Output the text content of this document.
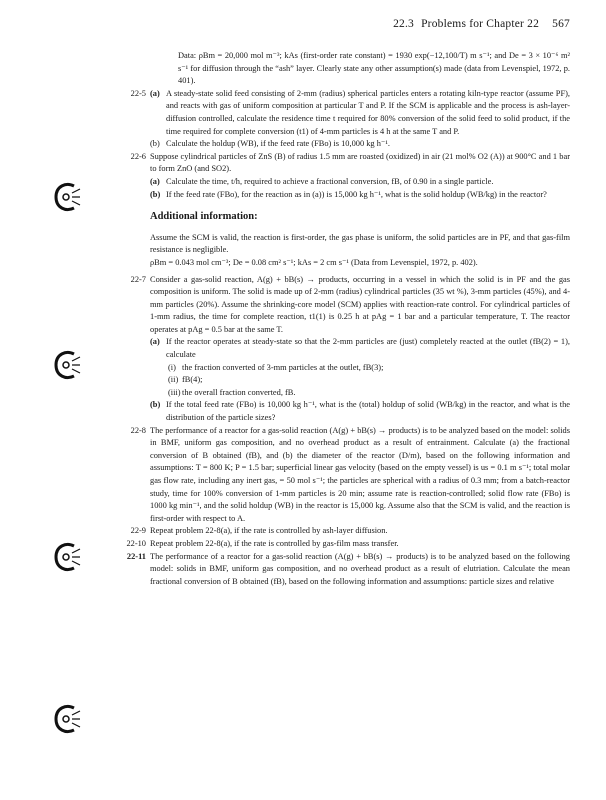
22.3 Problems for Chapter 22 567

Data: ρBm = 20,000 mol m⁻³; kAs (first-order rate constant) = 1930 exp(−12,100/T) m s⁻¹; and De = 3 × 10⁻⁶ m² s⁻¹ for diffusion through the “ash” layer. Clearly state any other assumption(s) made (data from Levenspiel, 1972, p. 401).

22-5 (a) A steady-state solid feed consisting of 2-mm (radius) spherical particles enters a rotating kiln-type reactor (assume PF), and reacts with gas of uniform composition at particular T and P. If the SCM is applicable and the process is ash-layer-diffusion controlled, calculate the residence time t required for 80% conversion of the solid feed to solid product, if the time required for complete conversion (t1) of 4-mm particles is 4 h at the same T and P.
(b) Calculate the holdup (WB), if the feed rate (FBo) is 10,000 kg h⁻¹.
22-6 Suppose cylindrical particles of ZnS (B) of radius 1.5 mm are roasted (oxidized) in air (21 mol% O2 (A)) at 900°C and 1 bar to form ZnO (and SO2).

(a) Calculate the time, t/h, required to achieve a fractional conversion, fB, of 0.90 in a single particle.
(b) If the feed rate (FBo), for the reaction as in (a)) is 15,000 kg h⁻¹, what is the solid holdup (WB/kg) in the reactor?
Additional information:

Assume the SCM is valid, the reaction is first-order, the gas phase is uniform, the solid particles are in PF, and that gas-film resistance is negligible.

ρBm = 0.043 mol cm⁻³; De = 0.08 cm² s⁻¹; kAs = 2 cm s⁻¹ (Data from Levenspiel, 1972, p. 402).

22-7 Consider a gas-solid reaction, A(g) + bB(s) → products, occurring in a vessel in which the solid is in PF and the gas composition is uniform. The solid is made up of 2-mm (radius) cylindrical particles (35 wt %), 3-mm particles (45%), and 4-mm particles (20%). Assume the shrinking-core model (SCM) applies with reaction-rate control. For cylindrical particles of 1-mm radius, the time for complete reaction, t1(1) is 0.25 h at pAg = 1 bar and a particular temperature, T. The reactor operates at pAg = 0.5 bar at the same T.

(a) If the reactor operates at steady-state so that the 2-mm particles are (just) completely reacted at the outlet (fB(2) = 1), calculate
(i) the fraction converted of 3-mm particles at the outlet, fB(3);
(ii) fB(4);
(iii) the overall fraction converted, fB.
(b) If the total feed rate (FBo) is 10,000 kg h⁻¹, what is the (total) holdup of solid (WB/kg) in the reactor, and what is the distribution of the particle sizes?
22-8 The performance of a reactor for a gas-solid reaction (A(g) + bB(s) → products) is to be analyzed based on the model: solids in BMF, uniform gas composition, and no overhead product as a result of entrainment. Calculate (a) the fractional conversion of B obtained (fB), and (b) the diameter of the reactor (D/m), based on the following information and assumptions: T = 800 K; P = 1.5 bar; superficial linear gas velocity (based on the empty vessel) is us = 0.1 m s⁻¹; total molar gas flow rate, including any inert gas, = 50 mol s⁻¹; the particles are spherical with a radius of 0.3 mm; from a batch-reactor study, time for 100% conversion of 1-mm particles is 20 min; assume rate is reaction-controlled; solid flow rate (FBo) is 1000 kg min⁻¹, and the solid holdup (WB) in the reactor is 15,000 kg. Assume also that the SCM is valid, and the reaction is first-order with respect to A.

22-9 Repeat problem 22-8(a), if the rate is controlled by ash-layer diffusion.

22-10 Repeat problem 22-8(a), if the rate is controlled by gas-film mass transfer.

22-11 The performance of a reactor for a gas-solid reaction (A(g) + bB(s) → products) is to be analyzed based on the following model: solids in BMF, uniform gas composition, and no overhead product as a result of elutriation. Calculate the mean fractional conversion of B obtained (fB), based on the following information and assumptions: particle sizes and relative
